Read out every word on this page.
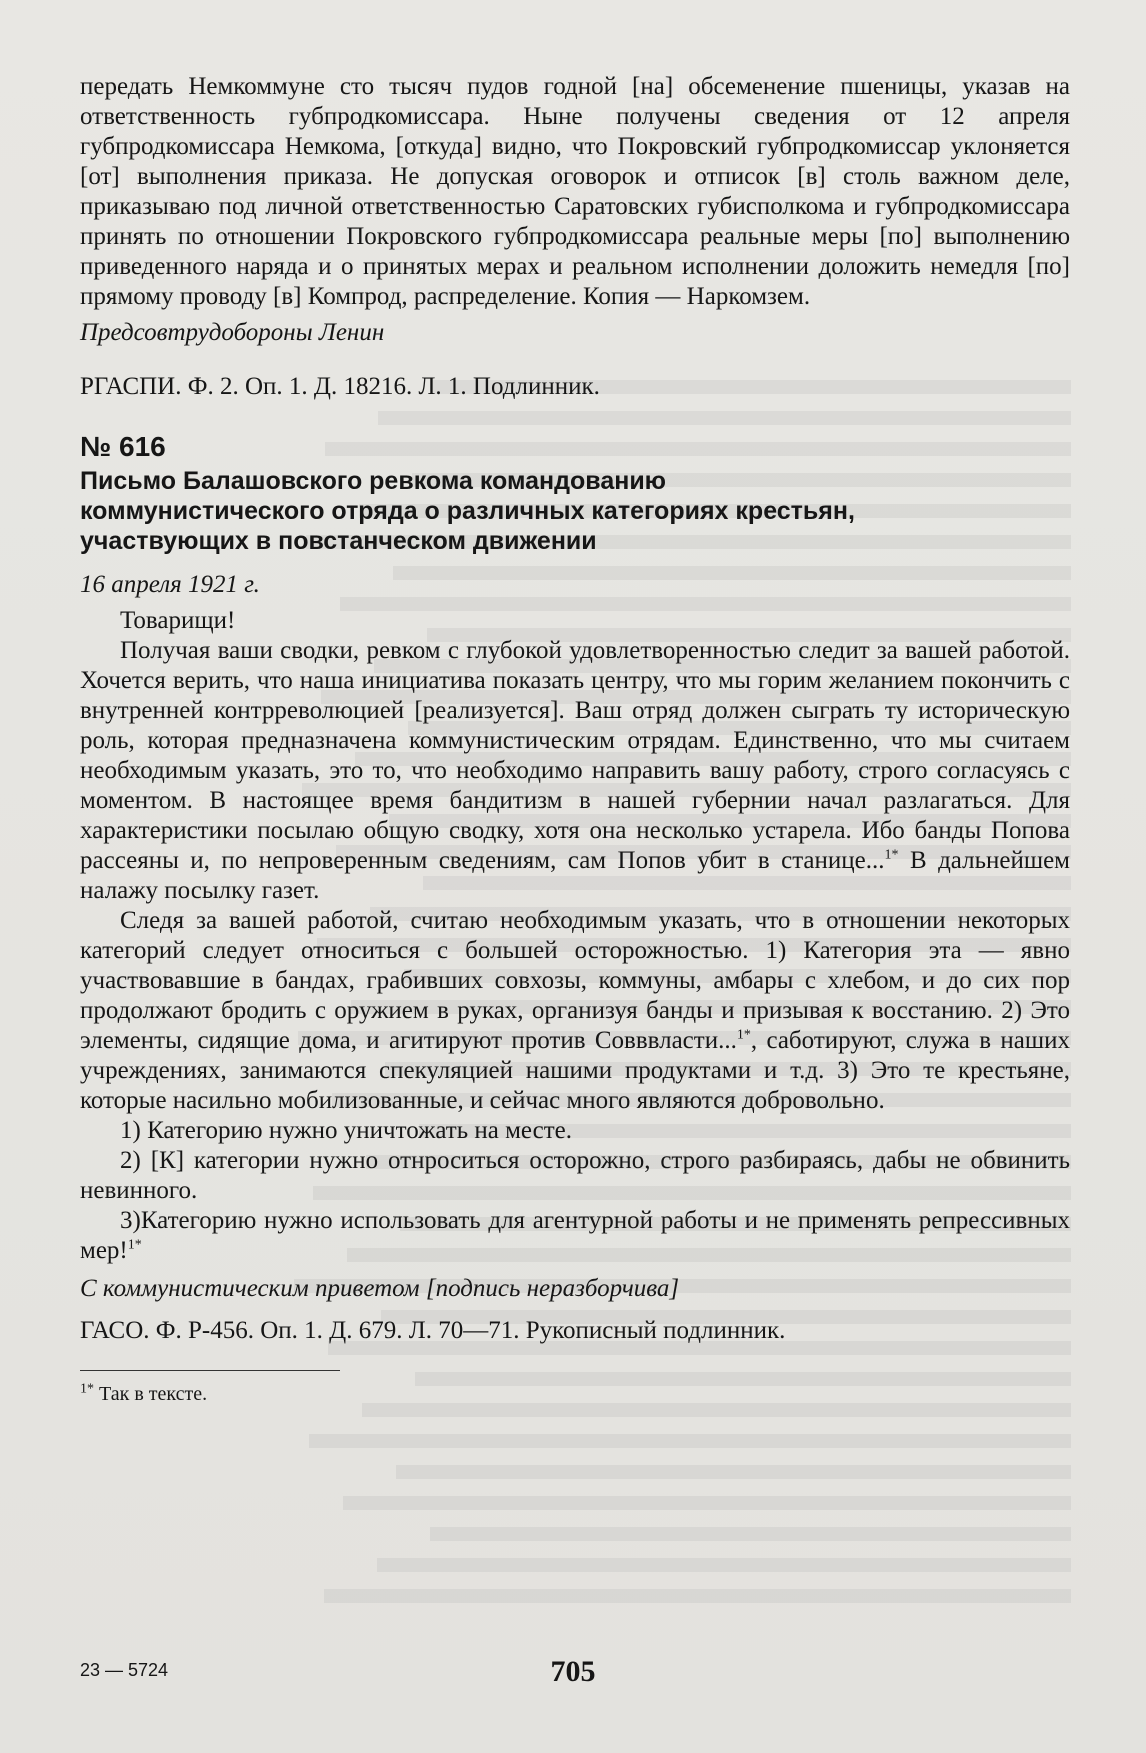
передать Немкоммуне сто тысяч пудов годной [на] обсеменение пшеницы, указав на ответственность губпродкомиссара. Ныне получены сведения от 12 апреля губпродкомиссара Немкома, [откуда] видно, что Покровский губпродкомиссар уклоняется [от] выполнения приказа. Не допуская оговорок и отписок [в] столь важном деле, приказываю под личной ответственностью Саратовских губисполкома и губпродкомиссара принять по отношении Покровского губпродкомиссара реальные меры [по] выполнению приведенного наряда и о принятых мерах и реальном исполнении доложить немедля [по] прямому проводу [в] Компрод, распределение. Копия — Наркомзем.

Предсовтрудобороны Ленин

РГАСПИ. Ф. 2. Оп. 1. Д. 18216. Л. 1. Подлинник.

№ 616

Письмо Балашовского ревкома командованию

коммунистического отряда о различных категориях крестьян,

участвующих в повстанческом движении

16 апреля 1921 г.

Товарищи!

Получая ваши сводки, ревком с глубокой удовлетворенностью следит за вашей работой. Хочется верить, что наша инициатива показать центру, что мы горим желанием покончить с внутренней контрреволюцией [реализуется]. Ваш отряд должен сыграть ту историческую роль, которая предназначена коммунистическим отрядам. Единственно, что мы считаем необходимым указать, это то, что необходимо направить вашу работу, строго согласуясь с моментом. В настоящее время бандитизм в нашей губернии начал разлагаться. Для характеристики посылаю общую сводку, хотя она несколько устарела. Ибо банды Попова рассеяны и, по непроверенным сведениям, сам Попов убит в станице...$^{1*}$ В дальнейшем налажу посылку газет.

Следя за вашей работой, считаю необходимым указать, что в отношении некоторых категорий следует относиться с большей осторожностью. 1) Категория эта — явно участвовавшие в бандах, грабивших совхозы, коммуны, амбары с хлебом, и до сих пор продолжают бродить с оружием в руках, организуя банды и призывая к восстанию. 2) Это элементы, сидящие дома, и агитируют против Совввласти...$^{1*}$, саботируют, служа в наших учреждениях, занимаются спекуляцией нашими продуктами и т.д. 3) Это те крестьяне, которые насильно мобилизованные, и сейчас много являются добровольно.

1) Категорию нужно уничтожать на месте.

2) [К] категории нужно отнроситься осторожно, строго разбираясь, дабы не обвинить невинного.

3)Категорию нужно использовать для агентурной работы и не применять репрессивных мер!$^{1*}$

С коммунистическим приветом [подпись неразборчива]

ГАСО. Ф. Р-456. Оп. 1. Д. 679. Л. 70—71. Рукописный подлинник.

$^{1*}$ Так в тексте.

23 — 5724	705
